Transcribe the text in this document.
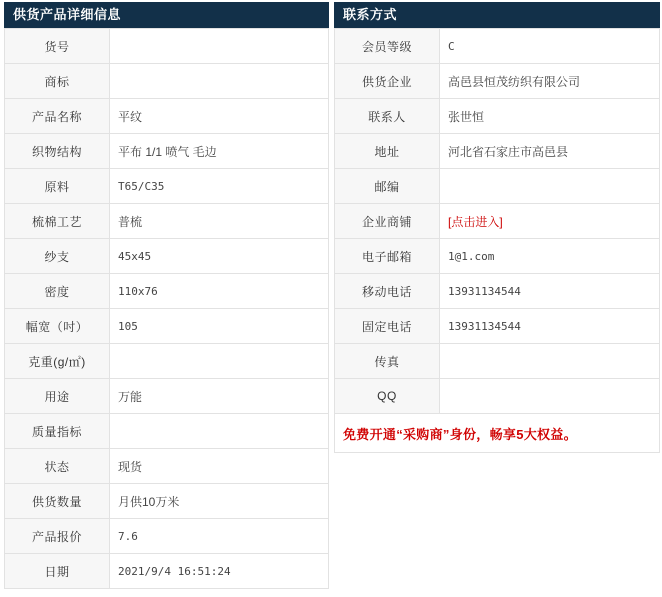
供货产品详细信息
货号	
商标	
产品名称	平纹
织物结构	平布 1/1 喷气 毛边
原料	T65/C35
梳棉工艺	普梳
纱支	45x45
密度	110x76
幅宽（吋）	105
克重(g/㎡)	
用途	万能
质量指标	
状态	现货
供货数量	月供10万米
产品报价	7.6
日期	2021/9/4 16:51:24
联系方式
会员等级	C
供货企业	高邑县恒茂纺织有限公司
联系人	张世恒
地址	河北省石家庄市高邑县
邮编	
企业商铺	[点击进入]
电子邮箱	1@1.com
移动电话	13931134544
固定电话	13931134544
传真	
QQ	
免费开通“采购商”身份，畅享5大权益。	
